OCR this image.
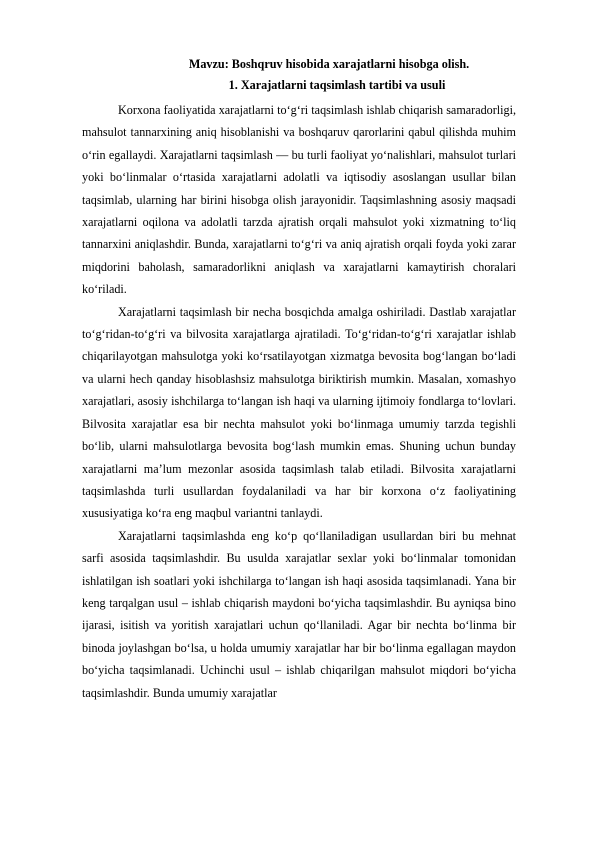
Mavzu: Boshqruv hisobida xarajatlarni hisobga olish.
1. Xarajatlarni taqsimlash tartibi va usuli

Korxona faoliyatida xarajatlarni to‘g‘ri taqsimlash ishlab chiqarish samaradorligi, mahsulot tannarxining aniq hisoblanishi va boshqaruv qarorlarini qabul qilishda muhim o‘rin egallaydi. Xarajatlarni taqsimlash — bu turli faoliyat yo‘nalishlari, mahsulot turlari yoki bo‘linmalar o‘rtasida xarajatlarni adolatli va iqtisodiy asoslangan usullar bilan taqsimlab, ularning har birini hisobga olish jarayonidir. Taqsimlashning asosiy maqsadi xarajatlarni oqilona va adolatli tarzda ajratish orqali mahsulot yoki xizmatning to‘liq tannarxini aniqlashdir. Bunda, xarajatlarni to‘g‘ri va aniq ajratish orqali foyda yoki zarar miqdorini baholash, samaradorlikni aniqlash va xarajatlarni kamaytirish choralari ko‘riladi.

Xarajatlarni taqsimlash bir necha bosqichda amalga oshiriladi. Dastlab xarajatlar to‘g‘ridan-to‘g‘ri va bilvosita xarajatlarga ajratiladi. To‘g‘ridan-to‘g‘ri xarajatlar ishlab chiqarilayotgan mahsulotga yoki ko‘rsatilayotgan xizmatga bevosita bog‘langan bo‘ladi va ularni hech qanday hisoblashsiz mahsulotga biriktirish mumkin. Masalan, xomashyo xarajatlari, asosiy ishchilarga to‘langan ish haqi va ularning ijtimoiy fondlarga to‘lovlari. Bilvosita xarajatlar esa bir nechta mahsulot yoki bo‘linmaga umumiy tarzda tegishli bo‘lib, ularni mahsulotlarga bevosita bog‘lash mumkin emas. Shuning uchun bunday xarajatlarni ma’lum mezonlar asosida taqsimlash talab etiladi. Bilvosita xarajatlarni taqsimlashda turli usullardan foydalaniladi va har bir korxona o‘z faoliyatining xususiyatiga ko‘ra eng maqbul variantni tanlaydi.

Xarajatlarni taqsimlashda eng ko‘p qo‘llaniladigan usullardan biri bu mehnat sarfi asosida taqsimlashdir. Bu usulda xarajatlar sexlar yoki bo‘linmalar tomonidan ishlatilgan ish soatlari yoki ishchilarga to‘langan ish haqi asosida taqsimlanadi. Yana bir keng tarqalgan usul – ishlab chiqarish maydoni bo‘yicha taqsimlashdir. Bu ayniqsa bino ijarasi, isitish va yoritish xarajatlari uchun qo‘llaniladi. Agar bir nechta bo‘linma bir binoda joylashgan bo‘lsa, u holda umumiy xarajatlar har bir bo‘linma egallagan maydon bo‘yicha taqsimlanadi. Uchinchi usul – ishlab chiqarilgan mahsulot miqdori bo‘yicha taqsimlashdir. Bunda umumiy xarajatlar
